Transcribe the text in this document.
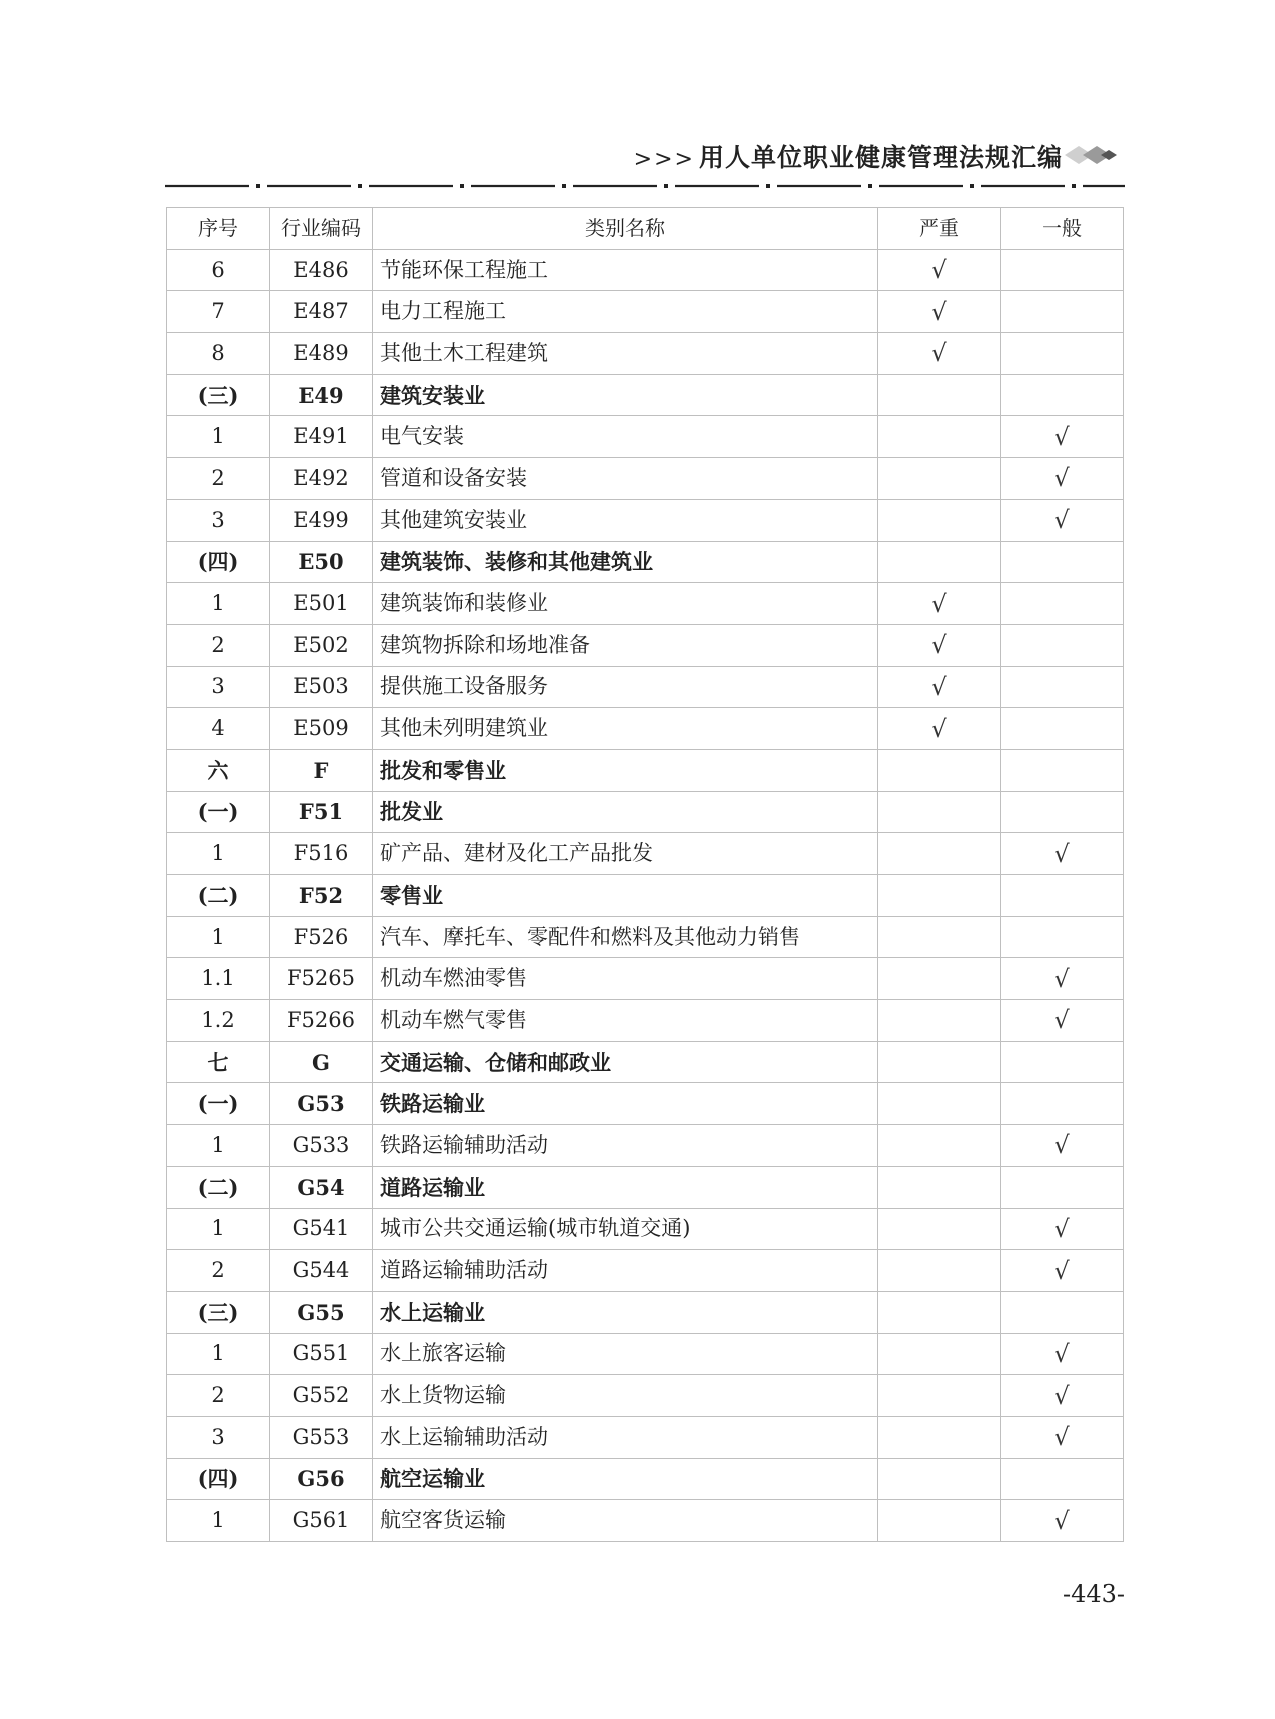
>>> 用人单位职业健康管理法规汇编
序号	行业编码	类别名称	严重	一般
6	E486	节能环保工程施工	√	
7	E487	电力工程施工	√	
8	E489	其他土木工程建筑	√	
(三)	E49	建筑安装业		
1	E491	电气安装		√
2	E492	管道和设备安装		√
3	E499	其他建筑安装业		√
(四)	E50	建筑装饰、装修和其他建筑业		
1	E501	建筑装饰和装修业	√	
2	E502	建筑物拆除和场地准备	√	
3	E503	提供施工设备服务	√	
4	E509	其他未列明建筑业	√	
六	F	批发和零售业		
(一)	F51	批发业		
1	F516	矿产品、建材及化工产品批发		√
(二)	F52	零售业		
1	F526	汽车、摩托车、零配件和燃料及其他动力销售		
1.1	F5265	机动车燃油零售		√
1.2	F5266	机动车燃气零售		√
七	G	交通运输、仓储和邮政业		
(一)	G53	铁路运输业		
1	G533	铁路运输辅助活动		√
(二)	G54	道路运输业		
1	G541	城市公共交通运输(城市轨道交通)		√
2	G544	道路运输辅助活动		√
(三)	G55	水上运输业		
1	G551	水上旅客运输		√
2	G552	水上货物运输		√
3	G553	水上运输辅助活动		√
(四)	G56	航空运输业		
1	G561	航空客货运输		√
-443-
